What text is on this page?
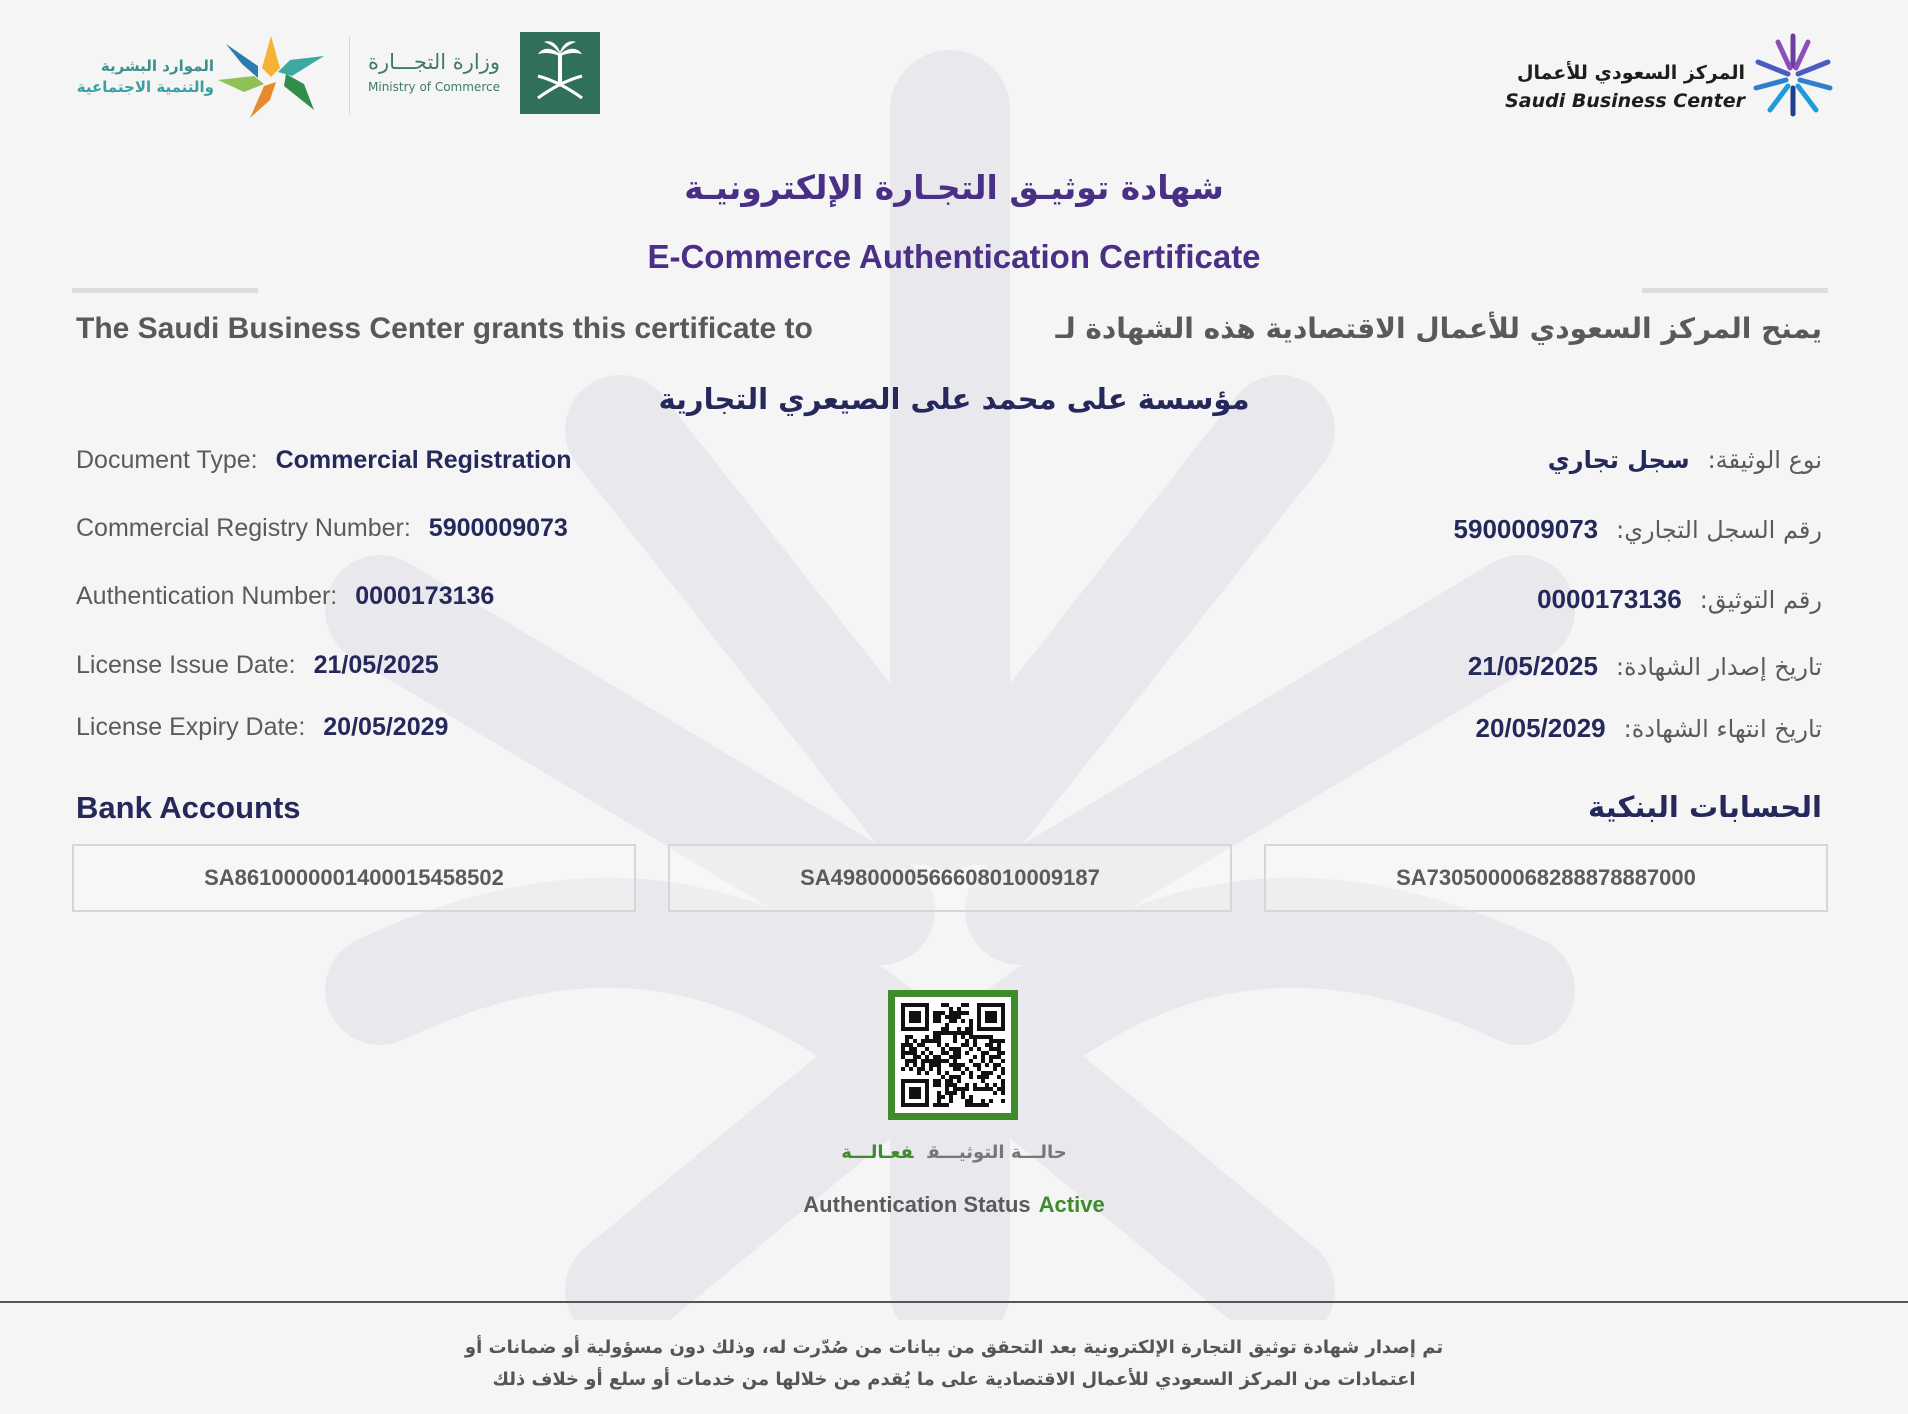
الموارد البشرية
والتنمية الاجتماعية
وزارة التجـــارة
Ministry of Commerce
المركز السعودي للأعمال
Saudi Business Center
شهادة توثيـق التجـارة الإلكترونيـة
E-Commerce Authentication Certificate
The Saudi Business Center grants this certificate to	يمنح المركز السعودي للأعمال الاقتصادية هذه الشهادة لـ
مؤسسة على محمد على الصيعري التجارية
Document Type: Commercial Registration
Commercial Registry Number: 5900009073
Authentication Number: 0000173136
License Issue Date: 21/05/2025
License Expiry Date: 20/05/2029
نوع الوثيقة:سجل تجاري
رقم السجل التجاري:5900009073
رقم التوثيق:0000173136
تاريخ إصدار الشهادة:21/05/2025
تاريخ انتهاء الشهادة:20/05/2029
Bank Accounts	الحسابات البنكية
SA8610000001400015458502	SA4980000566608010009187	SA7305000068288878887000
حالـــة التوثيـــقفعـالـــة
Authentication Status Active
تم إصدار شهادة توثيق التجارة الإلكترونية بعد التحقق من بيانات من صُدّرت له، وذلك دون مسؤولية أو ضمانات أو
اعتمادات من المركز السعودي للأعمال الاقتصادية على ما يُقدم من خلالها من خدمات أو سلع أو خلاف ذلك
